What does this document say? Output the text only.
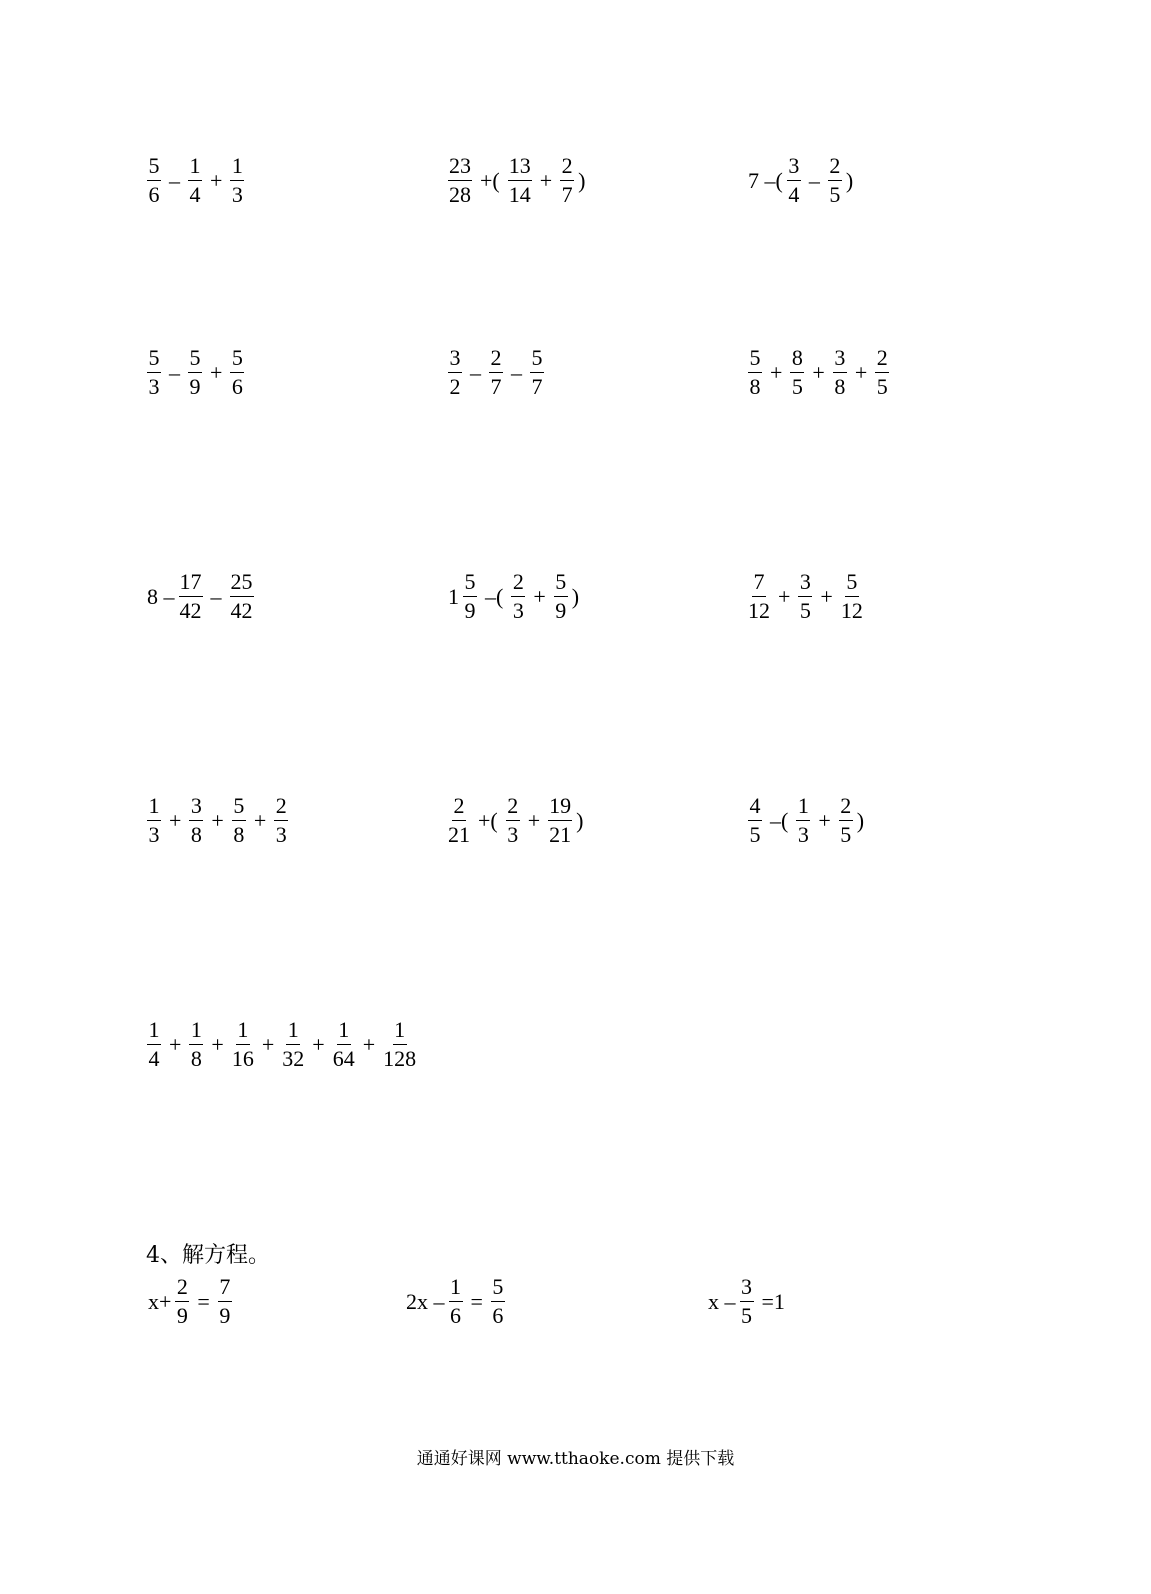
$\frac{5}{6} - \frac{1}{4} + \frac{1}{3}$	$\frac{23}{28}$ +( $\frac{13}{14} + \frac{2}{7}$ )	7 –( $\frac{3}{4} - \frac{2}{5}$ )
$\frac{5}{3} - \frac{5}{9} + \frac{5}{6}$	$\frac{3}{2} - \frac{2}{7} - \frac{5}{7}$	$\frac{5}{8} + \frac{8}{5} + \frac{3}{8} + \frac{2}{5}$
$8 - \frac{17}{42} - \frac{25}{42}$	$1 \frac{5}{9}$ –( $\frac{2}{3} + \frac{5}{9}$ )	$\frac{7}{12} + \frac{3}{5} + \frac{5}{12}$
$\frac{1}{3} + \frac{3}{8} + \frac{5}{8} + \frac{2}{3}$	$\frac{2}{21}$ +( $\frac{2}{3} + \frac{19}{21}$ )	$\frac{4}{5}$ –( $\frac{1}{3} + \frac{2}{5}$ )
$\frac{1}{4} + \frac{1}{8} + \frac{1}{16} + \frac{1}{32} + \frac{1}{64} + \frac{1}{128}$
4、解方程。
$x+ \frac{2}{9} = \frac{7}{9}$	$2x - \frac{1}{6} = \frac{5}{6}$	$x - \frac{3}{5} =1$
通通好课网 www.tthaoke.com 提供下载
